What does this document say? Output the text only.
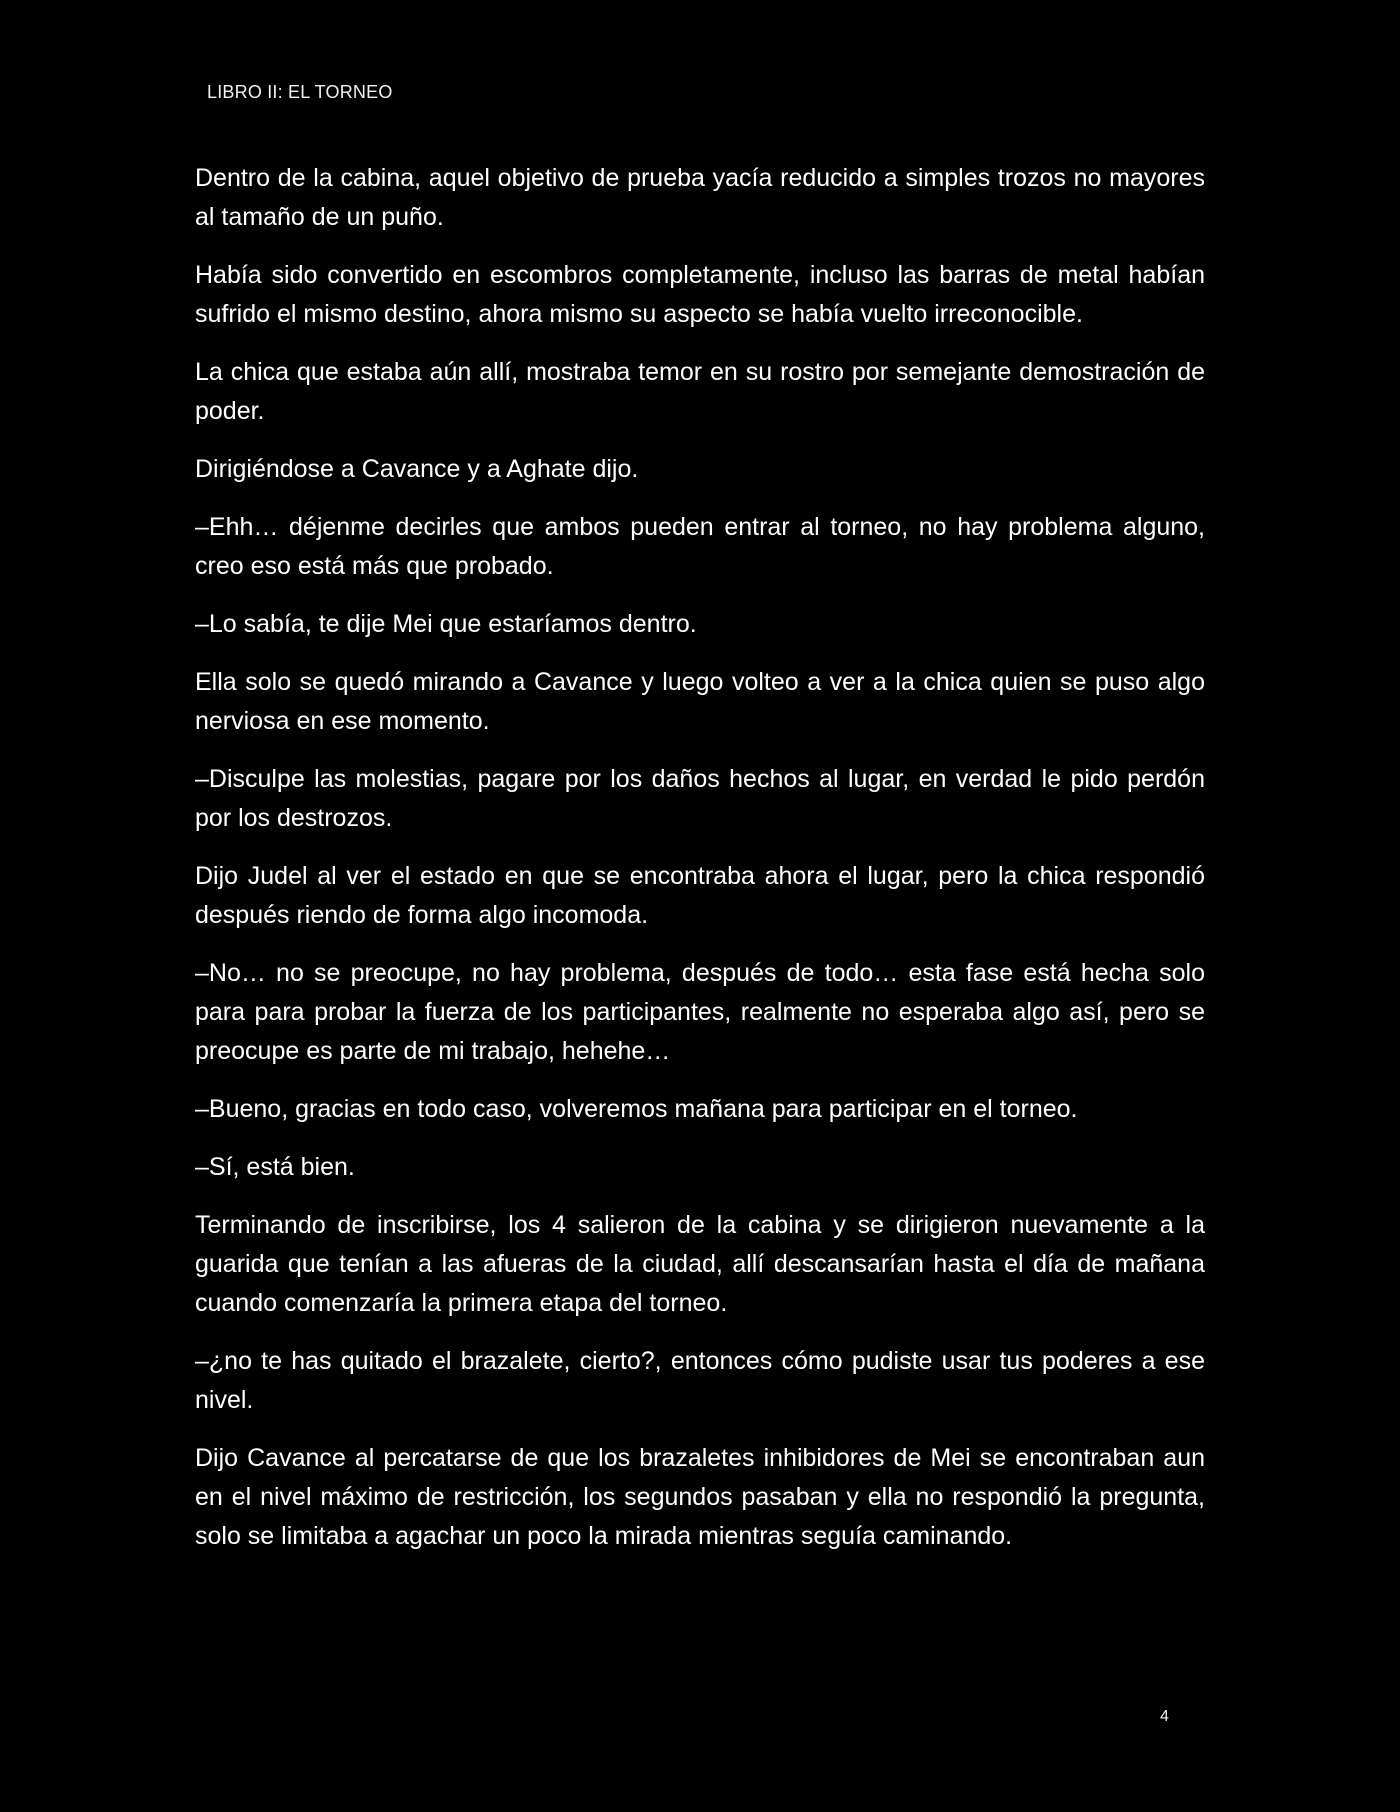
LIBRO II: EL TORNEO

Dentro de la cabina, aquel objetivo de prueba yacía reducido a simples trozos no mayores al tamaño de un puño.

Había sido convertido en escombros completamente, incluso las barras de metal habían sufrido el mismo destino, ahora mismo su aspecto se había vuelto irreconocible.

La chica que estaba aún allí, mostraba temor en su rostro por semejante demostración de poder.

Dirigiéndose a Cavance y a Aghate dijo.

–Ehh… déjenme decirles que ambos pueden entrar al torneo, no hay problema alguno, creo eso está más que probado.

–Lo sabía, te dije Mei que estaríamos dentro.

Ella solo se quedó mirando a Cavance y luego volteo a ver a la chica quien se puso algo nerviosa en ese momento.

–Disculpe las molestias, pagare por los daños hechos al lugar, en verdad le pido perdón por los destrozos.

Dijo Judel al ver el estado en que se encontraba ahora el lugar, pero la chica respondió después riendo de forma algo incomoda.

–No… no se preocupe, no hay problema, después de todo… esta fase está hecha solo para para probar la fuerza de los participantes, realmente no esperaba algo así, pero se preocupe es parte de mi trabajo, hehehe…

–Bueno, gracias en todo caso, volveremos mañana para participar en el torneo.

–Sí, está bien.

Terminando de inscribirse, los 4 salieron de la cabina y se dirigieron nuevamente a la guarida que tenían a las afueras de la ciudad, allí descansarían hasta el día de mañana cuando comenzaría la primera etapa del torneo.

–¿no te has quitado el brazalete, cierto?, entonces cómo pudiste usar tus poderes a ese nivel.

Dijo Cavance al percatarse de que los brazaletes inhibidores de Mei se encontraban aun en el nivel máximo de restricción, los segundos pasaban y ella no respondió la pregunta, solo se limitaba a agachar un poco la mirada mientras seguía caminando.

4
